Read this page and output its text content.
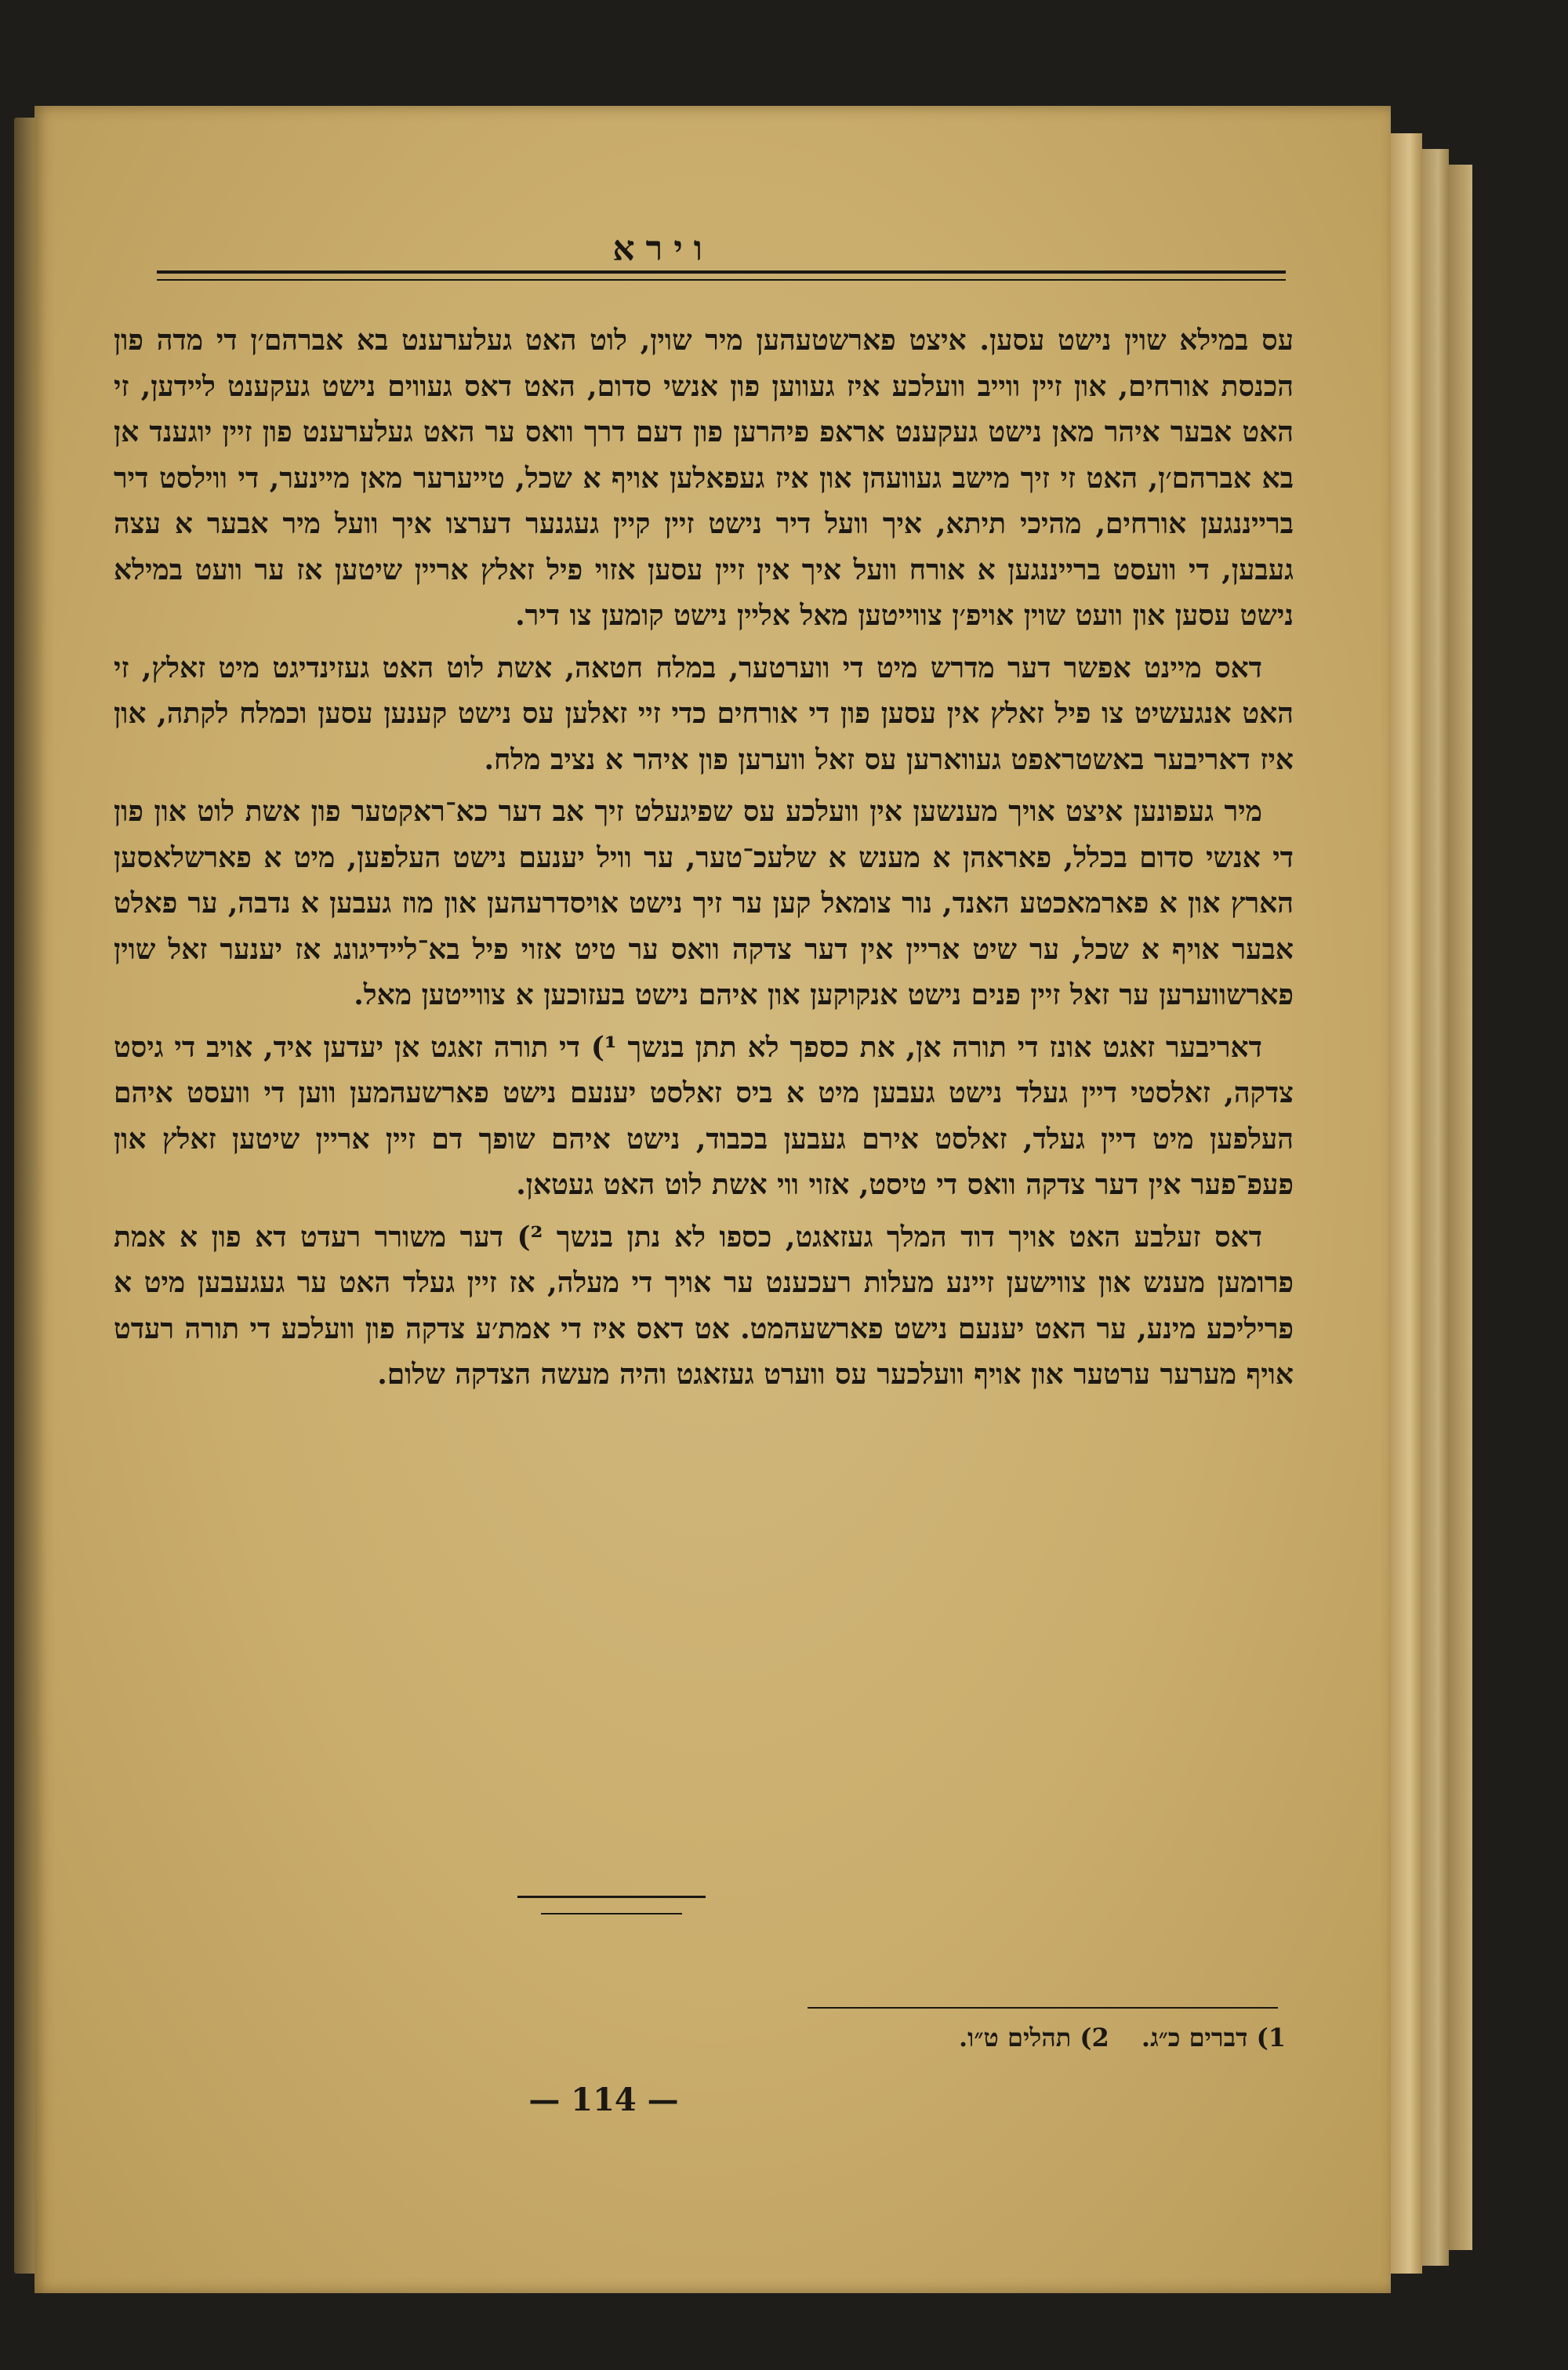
וירא

עס במילא שוין נישט עסען. איצט פארשטעהען מיר שוין, לוט האט געלערענט בא אברהם׳ן די מדה פון הכנסת אורחים, און זיין ווייב וועלכע איז געווען פון אנשי סדום, האט דאס געווים נישט געקענט ליידען, זי האט אבער איהר מאן נישט געקענט אראפ פיהרען פון דעם דרך וואס ער האט געלערענט פון זיין יוגענד אן בא אברהם׳ן, האט זי זיך מישב געוועהן און איז געפאלען אויף א שכל, טייערער מאן מיינער, די ווילסט דיר ברייננגען אורחים, מהיכי תיתא, איך וועל דיר נישט זיין קיין געגנער דערצו איך וועל מיר אבער א עצה געבען, די וועסט ברייננגען א אורח וועל איך אין זיין עסען אזוי פיל זאלץ אריין שיטען אז ער וועט במילא נישט עסען און וועט שוין אויפ׳ן צווייטען מאל אליין נישט קומען צו דיר.

דאס מיינט אפשר דער מדרש מיט די ווערטער, במלח חטאה, אשת לוט האט געזינדיגט מיט זאלץ, זי האט אנגעשיט צו פיל זאלץ אין עסען פון די אורחים כדי זיי זאלען עס נישט קענען עסען וכמלח לקתה, און איז דאריבער באשטראפט געווארען עס זאל ווערען פון איהר א נציב מלח.

מיר געפונען איצט אויך מענשען אין וועלכע עס שפיגעלט זיך אב דער כא־ראקטער פון אשת לוט און פון די אנשי סדום בכלל, פאראהן א מענש א שלעכ־טער, ער וויל יענעם נישט העלפען, מיט א פארשלאסען הארץ און א פארמאכטע האנד, נור צומאל קען ער זיך נישט אויסדרעהען און מוז געבען א נדבה, ער פאלט אבער אויף א שכל, ער שיט אריין אין דער צדקה וואס ער טיט אזוי פיל בא־ליידיגונג אז יענער זאל שוין פארשווערען ער זאל זיין פנים נישט אנקוקען און איהם נישט בעזוכען א צווייטען מאל.

דאריבער זאגט אונז די תורה אן, את כספך לא תתן בנשך ¹) די תורה זאגט אן יעדען איד, אויב די גיסט צדקה, זאלסטי דיין געלד נישט געבען מיט א ביס זאלסט יענעם נישט פארשעהמען ווען די וועסט איהם העלפען מיט דיין געלד, זאלסט אירם געבען בכבוד, נישט איהם שופך דם זיין אריין שיטען זאלץ און פעפ־פער אין דער צדקה וואס די טיסט, אזוי ווי אשת לוט האט געטאן.

דאס זעלבע האט אויך דוד המלך געזאגט, כספו לא נתן בנשך ²) דער משורר רעדט דא פון א אמת פרומען מענש און צווישען זיינע מעלות רעכענט ער אויך די מעלה, אז זיין געלד האט ער געגעבען מיט א פריליכע מינע, ער האט יענעם נישט פארשעהמט. אט דאס איז די אמת׳ע צדקה פון וועלכע די תורה רעדט אויף מערער ערטער און אויף וועלכער עס ווערט געזאגט והיה מעשה הצדקה שלום.

1) דברים כ״ג. 2) תהלים ט״ו.
— 114 —
